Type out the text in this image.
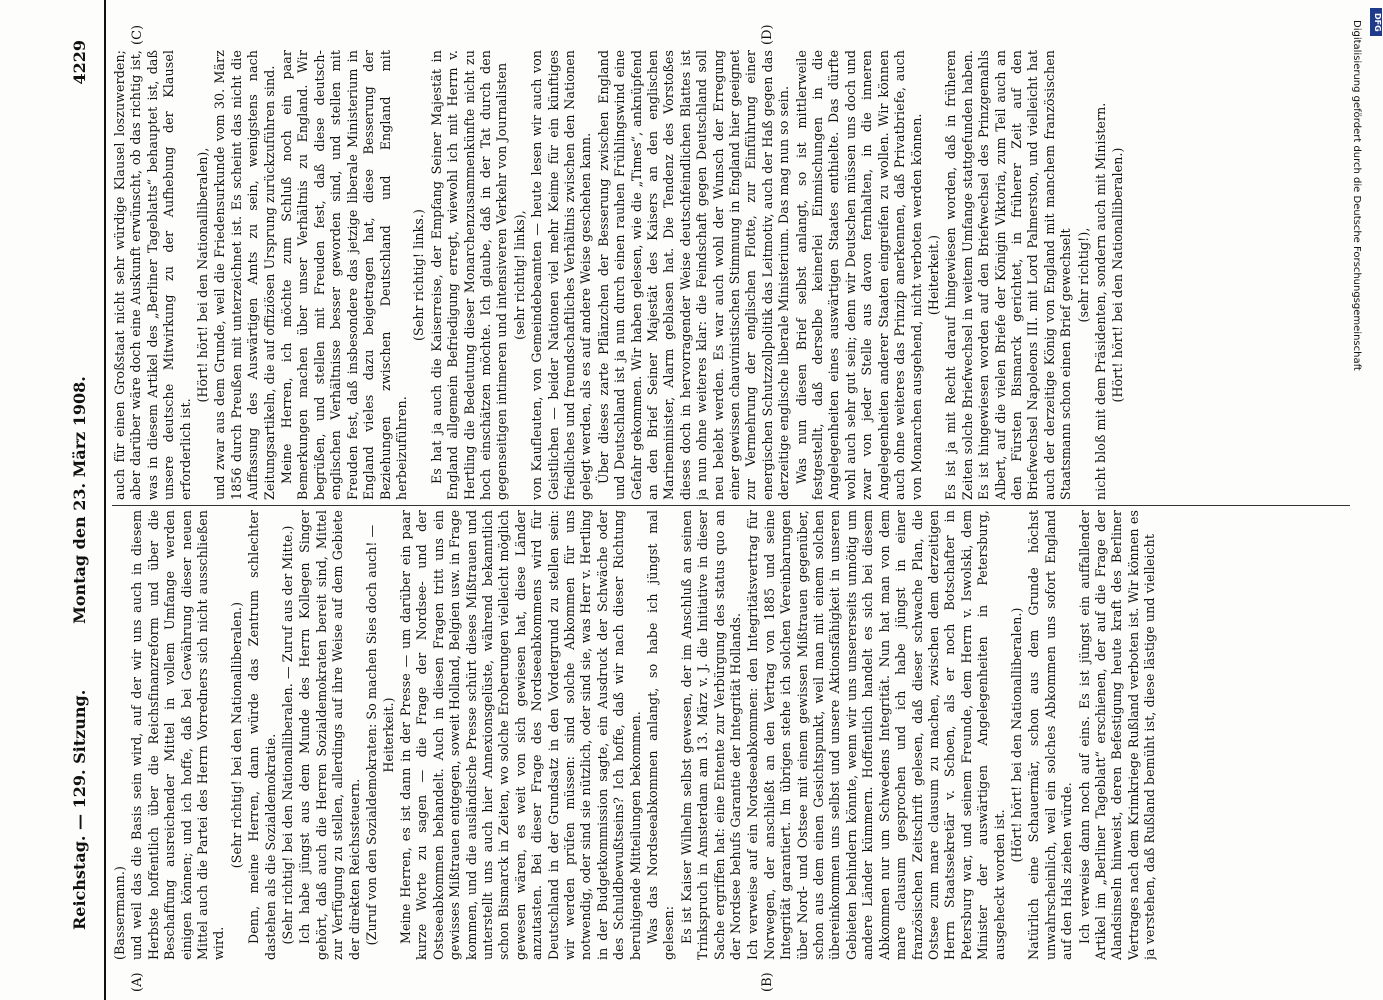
Reichstag. — 129. Sitzung.
Montag den 23. März 1908.
4229
(A)	(B)
(C)	(D)

(Bassermann.) und weil das die Basis sein wird, auf der wir uns auch in diesem Herbste hoffentlich über die Reichsfinanzreform und über die Beschaffung ausreichender Mittel in vollem Umfange werden einigen können; und ich hoffe, daß bei Gewährung dieser neuen Mittel auch die Partei des Herrn Vorredners sich nicht ausschließen wird.

(Sehr richtig! bei den Nationalliberalen.) Denn, meine Herren, dann würde das Zentrum schlechter dastehen als die Sozialdemokratie. (Sehr richtig! bei den Nationalliberalen. — Zuruf aus der Mitte.) Ich habe jüngst aus dem Munde des Herrn Kollegen Singer gehört, daß auch die Herren Sozialdemokraten bereit sind, Mittel zur Verfügung zu stellen, allerdings auf ihre Weise auf dem Gebiete der direkten Reichssteuern. (Zuruf von den Sozialdemokraten: So machen Sies doch auch! — Heiterkeit.) Meine Herren, es ist dann in der Presse — um darüber ein paar kurze Worte zu sagen — die Frage der Nordsee- und der Ostseeabkommen behandelt. Auch in diesen Fragen tritt uns ein gewisses Mißtrauen entgegen, soweit Holland, Belgien usw. in Frage kommen, und die ausländische Presse schürt dieses Mißtrauen und unterstellt uns auch hier Annexionsgelüste, während bekanntlich schon Bismarck in Zeiten, wo solche Eroberungen vielleicht möglich gewesen wären, es weit von sich gewiesen hat, diese Länder anzutasten. Bei dieser Frage des Nordseeabkommens wird für Deutschland in der Grundsatz in den Vordergrund zu stellen sein: wir werden prüfen müssen: sind solche Abkommen für uns notwendig, oder sind sie nützlich, oder sind sie, was Herr v. Hertling in der Budgetkommission sagte, ein Ausdruck der Schwäche oder des Schuldbewußtseins? Ich hoffe, daß wir nach dieser Richtung beruhigende Mitteilungen bekommen. Was das Nordseeabkommen anlangt, so habe ich jüngst mal gelesen: Es ist Kaiser Wilhelm selbst gewesen, der im Anschluß an seinen Trinkspruch in Amsterdam am 13. März v. J. die Initiative in dieser Sache ergriffen hat: eine Entente zur Verbürgung des status quo an der Nordsee behufs Garantie der Integrität Hollands. Ich verweise auf ein Nordseeabkommen: den Integritätsvertrag für Norwegen, der anschließt an den Vertrag von 1885 und seine Integrität garantiert. Im übrigen stehe ich solchen Vereinbarungen über Nord- und Ostsee mit einem gewissen Mißtrauen gegenüber, schon aus dem einen Gesichtspunkt, weil man mit einem solchen übereinkommen uns selbst und unsere Aktionsfähigkeit in unseren Gebieten behindern könnte, wenn wir uns unsererseits unnötig um andere Länder kümmern. Hoffentlich handelt es sich bei diesem Abkommen nur um Schwedens Integrität. Nun hat man von dem mare clausum gesprochen und ich habe jüngst in einer französischen Zeitschrift gelesen, daß dieser schwache Plan, die Ostsee zum mare clausum zu machen, zwischen dem derzeitigen Herrn Staatssekretär v. Schoen, als er noch Botschafter in Petersburg war, und seinem Freunde, dem Herrn v. Iswolski, dem Minister der auswärtigen Angelegenheiten in Petersburg, ausgeheckt worden ist.

(Hört! hört! bei den Nationalliberalen.) Natürlich eine Schauermär, schon aus dem Grunde höchst unwahrscheinlich, weil ein solches Abkommen uns sofort England auf den Hals ziehen würde. Ich verweise dann noch auf eins. Es ist jüngst ein auffallender Artikel im „Berliner Tageblatt“ erschienen, der auf die Frage der Alandsinseln hinweist, deren Befestigung heute kraft des Berliner Vertrages nach dem Krimkriege Rußland verboten ist. Wir können es ja verstehen, daß Rußland bemüht ist, diese lästige und vielleicht

auch für einen Großstaat nicht sehr würdige Klausel loszuwerden; aber darüber wäre doch eine Auskunft erwünscht, ob das richtig ist, was in diesem Artikel des „Berliner Tageblatts“ behauptet ist, daß unsere deutsche Mitwirkung zu der Aufhebung der Klausel erforderlich ist.

(Hört! hört! bei den Nationalliberalen), und zwar aus dem Grunde, weil die Friedensurkunde vom 30. März 1856 durch Preußen mit unterzeichnet ist. Es scheint das nicht die Auffassung des Auswärtigen Amts zu sein, wenigstens nach Zeitungsartikeln, die auf offiziösen Ursprung zurückzuführen sind. Meine Herren, ich möchte zum Schluß noch ein paar Bemerkungen machen über unser Verhältnis zu England. Wir begrüßen, und stellen mit Freuden fest, daß diese deutsch-englischen Verhältnisse besser geworden sind, und stellen mit Freuden fest, daß insbesondere das jetzige liberale Ministerium in England vieles dazu beigetragen hat, diese Besserung der Beziehungen zwischen Deutschland und England mit herbeizuführen.

(Sehr richtig! links.) Es hat ja auch die Kaiserreise, der Empfang Seiner Majestät in England allgemein Befriedigung erregt, wiewohl ich mit Herrn v. Hertling die Bedeutung dieser Monarchenzusammenkünfte nicht zu hoch einschätzen möchte. Ich glaube, daß in der Tat durch den gegenseitigen intimeren und intensiveren Verkehr von Journalisten (sehr richtig! links), von Kaufleuten, von Gemeindebeamten — heute lesen wir auch von Geistlichen — beider Nationen viel mehr Keime für ein künftiges friedliches und freundschaftliches Verhältnis zwischen den Nationen gelegt werden, als es auf andere Weise geschehen kann. Über dieses zarte Pflänzchen der Besserung zwischen England und Deutschland ist ja nun durch einen rauhen Frühlingswind eine Gefahr gekommen. Wir haben gelesen, wie die „Times“, anknüpfend an den Brief Seiner Majestät des Kaisers an den englischen Marineminister, Alarm geblasen hat. Die Tendenz des Vorstoßes dieses doch in hervorragender Weise deutschfeindlichen Blattes ist ja nun ohne weiteres klar: die Feindschaft gegen Deutschland soll neu belebt werden. Es war auch wohl der Wunsch der Erregung einer gewissen chauvinistischen Stimmung in England hier geeignet zur Vermehrung der englischen Flotte, zur Einführung einer energischen Schutzzollpolitik das Leitmotiv, auch der Haß gegen das derzeitige englische liberale Ministerium. Das mag nun so sein. Was nun diesen Brief selbst anlangt, so ist mittlerweile festgestellt, daß derselbe keinerlei Einmischungen in die Angelegenheiten eines auswärtigen Staates enthielte. Das dürfte wohl auch sehr gut sein; denn wir Deutschen müssen uns doch und zwar von jeder Stelle aus davon fernhalten, in die inneren Angelegenheiten anderer Staaten eingreifen zu wollen. Wir können auch ohne weiteres das Prinzip anerkennen, daß Privatbriefe, auch von Monarchen ausgehend, nicht verboten werden können. (Heiterkeit.) Es ist ja mit Recht darauf hingewiesen worden, daß in früheren Zeiten solche Briefwechsel in weitem Umfange stattgefunden haben. Es ist hingewiesen worden auf den Briefwechsel des Prinzgemahls Albert, auf die vielen Briefe der Königin Viktoria, zum Teil auch an den Fürsten Bismarck gerichtet, in früherer Zeit auf den Briefwechsel Napoleons III. mit Lord Palmerston, und vielleicht hat auch der derzeitige König von England mit manchem französischen Staatsmann schon einen Brief gewechselt (sehr richtig!), nicht bloß mit dem Präsidenten, sondern auch mit Ministern. (Hört! hört! bei den Nationalliberalen.)	Digitalisierung gefördert durch die Deutsche Forschungsgemeinschaft	DFG
